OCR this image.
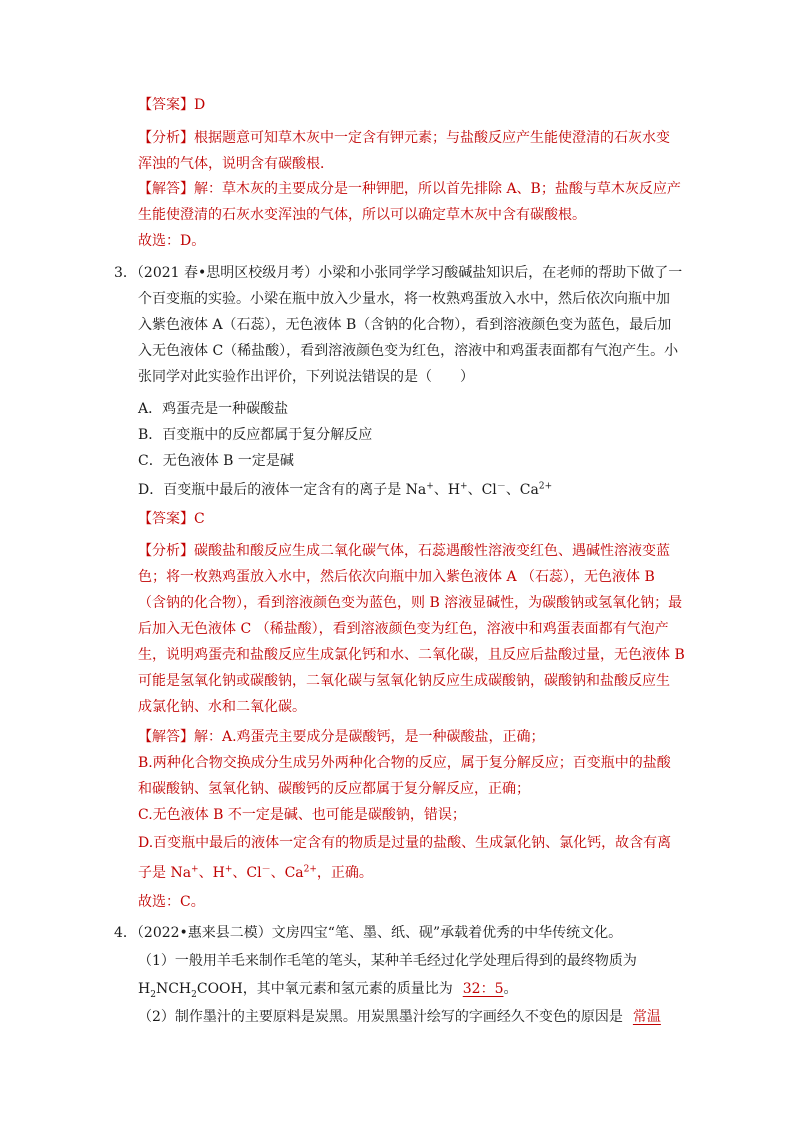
【答案】D
【分析】根据题意可知草木灰中一定含有钾元素；与盐酸反应产生能使澄清的石灰水变
浑浊的气体，说明含有碳酸根．
【解答】解：草木灰的主要成分是一种钾肥，所以首先排除 A、B；盐酸与草木灰反应产
生能使澄清的石灰水变浑浊的气体，所以可以确定草木灰中含有碳酸根。
故选：D。
3．（2021 春•思明区校级月考）小梁和小张同学学习酸碱盐知识后，在老师的帮助下做了一
个百变瓶的实验。小梁在瓶中放入少量水，将一枚熟鸡蛋放入水中，然后依次向瓶中加
入紫色液体 A（石蕊），无色液体 B（含钠的化合物），看到溶液颜色变为蓝色，最后加
入无色液体 C（稀盐酸），看到溶液颜色变为红色，溶液中和鸡蛋表面都有气泡产生。小
张同学对此实验作出评价，下列说法错误的是（　　）
A．鸡蛋壳是一种碳酸盐
B．百变瓶中的反应都属于复分解反应
C．无色液体 B 一定是碱
D．百变瓶中最后的液体一定含有的离子是 Na+、H+、Cl－、$Ca^{2+}$
【答案】C
【分析】碳酸盐和酸反应生成二氧化碳气体，石蕊遇酸性溶液变红色、遇碱性溶液变蓝
色；将一枚熟鸡蛋放入水中，然后依次向瓶中加入紫色液体 A （石蕊），无色液体 B
（含钠的化合物），看到溶液颜色变为蓝色，则 B 溶液显碱性，为碳酸钠或氢氧化钠；最
后加入无色液体 C （稀盐酸），看到溶液颜色变为红色，溶液中和鸡蛋表面都有气泡产
生，说明鸡蛋壳和盐酸反应生成氯化钙和水、二氧化碳，且反应后盐酸过量，无色液体 B
可能是氢氧化钠或碳酸钠，二氧化碳与氢氧化钠反应生成碳酸钠，碳酸钠和盐酸反应生
成氯化钠、水和二氧化碳。
【解答】解：A.鸡蛋壳主要成分是碳酸钙，是一种碳酸盐，正确；
B.两种化合物交换成分生成另外两种化合物的反应，属于复分解反应；百变瓶中的盐酸
和碳酸钠、氢氧化钠、碳酸钙的反应都属于复分解反应，正确；
C.无色液体 B 不一定是碱、也可能是碳酸钠，错误；
D.百变瓶中最后的液体一定含有的物质是过量的盐酸、生成氯化钠、氯化钙，故含有离
子是 Na+、H+、Cl－、$Ca^{2+}$，正确。
故选：C。
4．（2022•惠来县二模）文房四宝“笔、墨、纸、砚”承载着优秀的中华传统文化。
（1）一般用羊毛来制作毛笔的笔头，某种羊毛经过化学处理后得到的最终物质为
$H_2NCH_2COOH$，其中氧元素和氢元素的质量比为 32：5。
（2）制作墨汁的主要原料是炭黑。用炭黑墨汁绘写的字画经久不变色的原因是 常温
